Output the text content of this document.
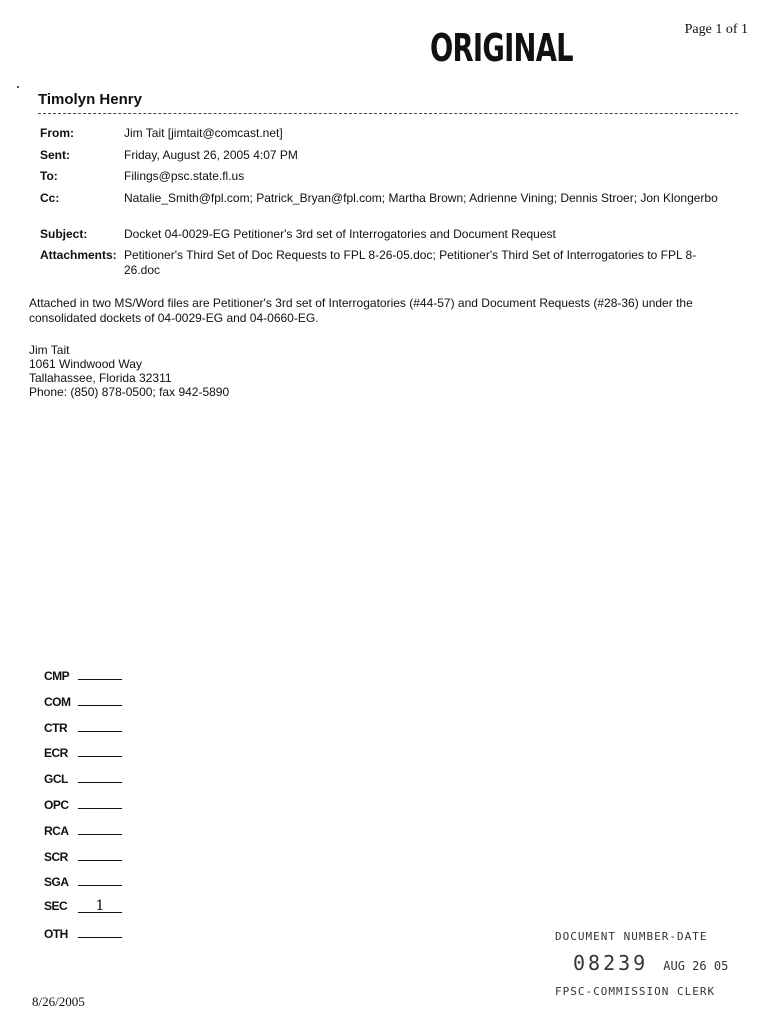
ORIGINAL	Page 1 of 1
Timolyn Henry
From:	Jim Tait [jimtait@comcast.net]
Sent:	Friday, August 26, 2005 4:07 PM
To:	Filings@psc.state.fl.us
Cc:	Natalie_Smith@fpl.com; Patrick_Bryan@fpl.com; Martha Brown; Adrienne Vining; Dennis Stroer; Jon Klongerbo
Subject:	Docket 04-0029-EG Petitioner's 3rd set of Interrogatories and Document Request
Attachments: Petitioner's Third Set of Doc Requests to FPL 8-26-05.doc; Petitioner's Third Set of Interrogatories to FPL 8-26.doc
Attached in two MS/Word files are Petitioner's 3rd set of Interrogatories (#44-57) and Document Requests (#28-36) under the consolidated dockets of 04-0029-EG and 04-0660-EG.
Jim Tait
1061 Windwood Way
Tallahassee, Florida 32311
Phone: (850) 878-0500; fax 942-5890
CMP
COM
CTR
ECR
GCL
OPC
RCA
SCR
SGA
SEC 1
OTH
8/26/2005
DOCUMENT NUMBER-DATE
08239 AUG 26 05
FPSC-COMMISSION CLERK
